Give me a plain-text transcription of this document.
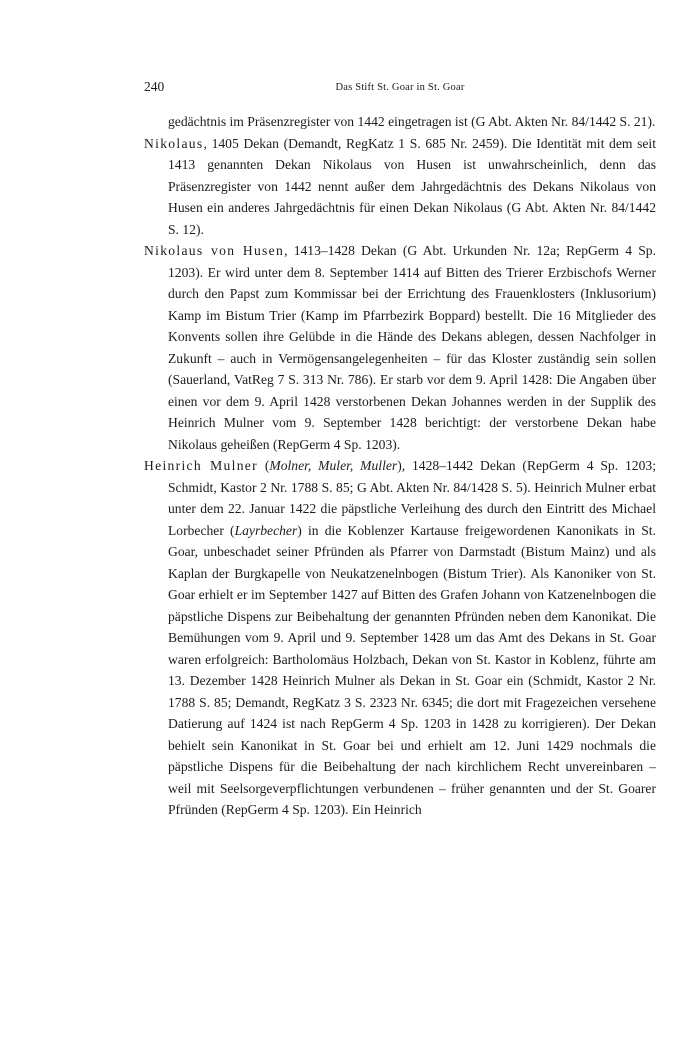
240	Das Stift St. Goar in St. Goar

gedächtnis im Präsenzregister von 1442 eingetragen ist (G Abt. Akten Nr. 84/1442 S. 21).

Nikolaus, 1405 Dekan (Demandt, RegKatz 1 S. 685 Nr. 2459). Die Identität mit dem seit 1413 genannten Dekan Nikolaus von Husen ist unwahrscheinlich, denn das Präsenzregister von 1442 nennt außer dem Jahrgedächtnis des Dekans Nikolaus von Husen ein anderes Jahrgedächtnis für einen Dekan Nikolaus (G Abt. Akten Nr. 84/1442 S. 12).

Nikolaus von Husen, 1413–1428 Dekan (G Abt. Urkunden Nr. 12a; RepGerm 4 Sp. 1203). Er wird unter dem 8. September 1414 auf Bitten des Trierer Erzbischofs Werner durch den Papst zum Kommissar bei der Errichtung des Frauenklosters (Inklusorium) Kamp im Bistum Trier (Kamp im Pfarrbezirk Boppard) bestellt. Die 16 Mitglieder des Konvents sollen ihre Gelübde in die Hände des Dekans ablegen, dessen Nachfolger in Zukunft – auch in Vermögensangelegenheiten – für das Kloster zuständig sein sollen (Sauerland, VatReg 7 S. 313 Nr. 786). Er starb vor dem 9. April 1428: Die Angaben über einen vor dem 9. April 1428 verstorbenen Dekan Johannes werden in der Supplik des Heinrich Mulner vom 9. September 1428 berichtigt: der verstorbene Dekan habe Nikolaus geheißen (RepGerm 4 Sp. 1203).

Heinrich Mulner (Molner, Muler, Muller), 1428–1442 Dekan (RepGerm 4 Sp. 1203; Schmidt, Kastor 2 Nr. 1788 S. 85; G Abt. Akten Nr. 84/1428 S. 5). Heinrich Mulner erbat unter dem 22. Januar 1422 die päpstliche Verleihung des durch den Eintritt des Michael Lorbecher (Layrbecher) in die Koblenzer Kartause freigewordenen Kanonikats in St. Goar, unbeschadet seiner Pfründen als Pfarrer von Darmstadt (Bistum Mainz) und als Kaplan der Burgkapelle von Neukatzenelnbogen (Bistum Trier). Als Kanoniker von St. Goar erhielt er im September 1427 auf Bitten des Grafen Johann von Katzenelnbogen die päpstliche Dispens zur Beibehaltung der genannten Pfründen neben dem Kanonikat. Die Bemühungen vom 9. April und 9. September 1428 um das Amt des Dekans in St. Goar waren erfolgreich: Bartholomäus Holzbach, Dekan von St. Kastor in Koblenz, führte am 13. Dezember 1428 Heinrich Mulner als Dekan in St. Goar ein (Schmidt, Kastor 2 Nr. 1788 S. 85; Demandt, RegKatz 3 S. 2323 Nr. 6345; die dort mit Fragezeichen versehene Datierung auf 1424 ist nach RepGerm 4 Sp. 1203 in 1428 zu korrigieren). Der Dekan behielt sein Kanonikat in St. Goar bei und erhielt am 12. Juni 1429 nochmals die päpstliche Dispens für die Beibehaltung der nach kirchlichem Recht unvereinbaren – weil mit Seelsorgeverpflichtungen verbundenen – früher genannten und der St. Goarer Pfründen (RepGerm 4 Sp. 1203). Ein Heinrich
